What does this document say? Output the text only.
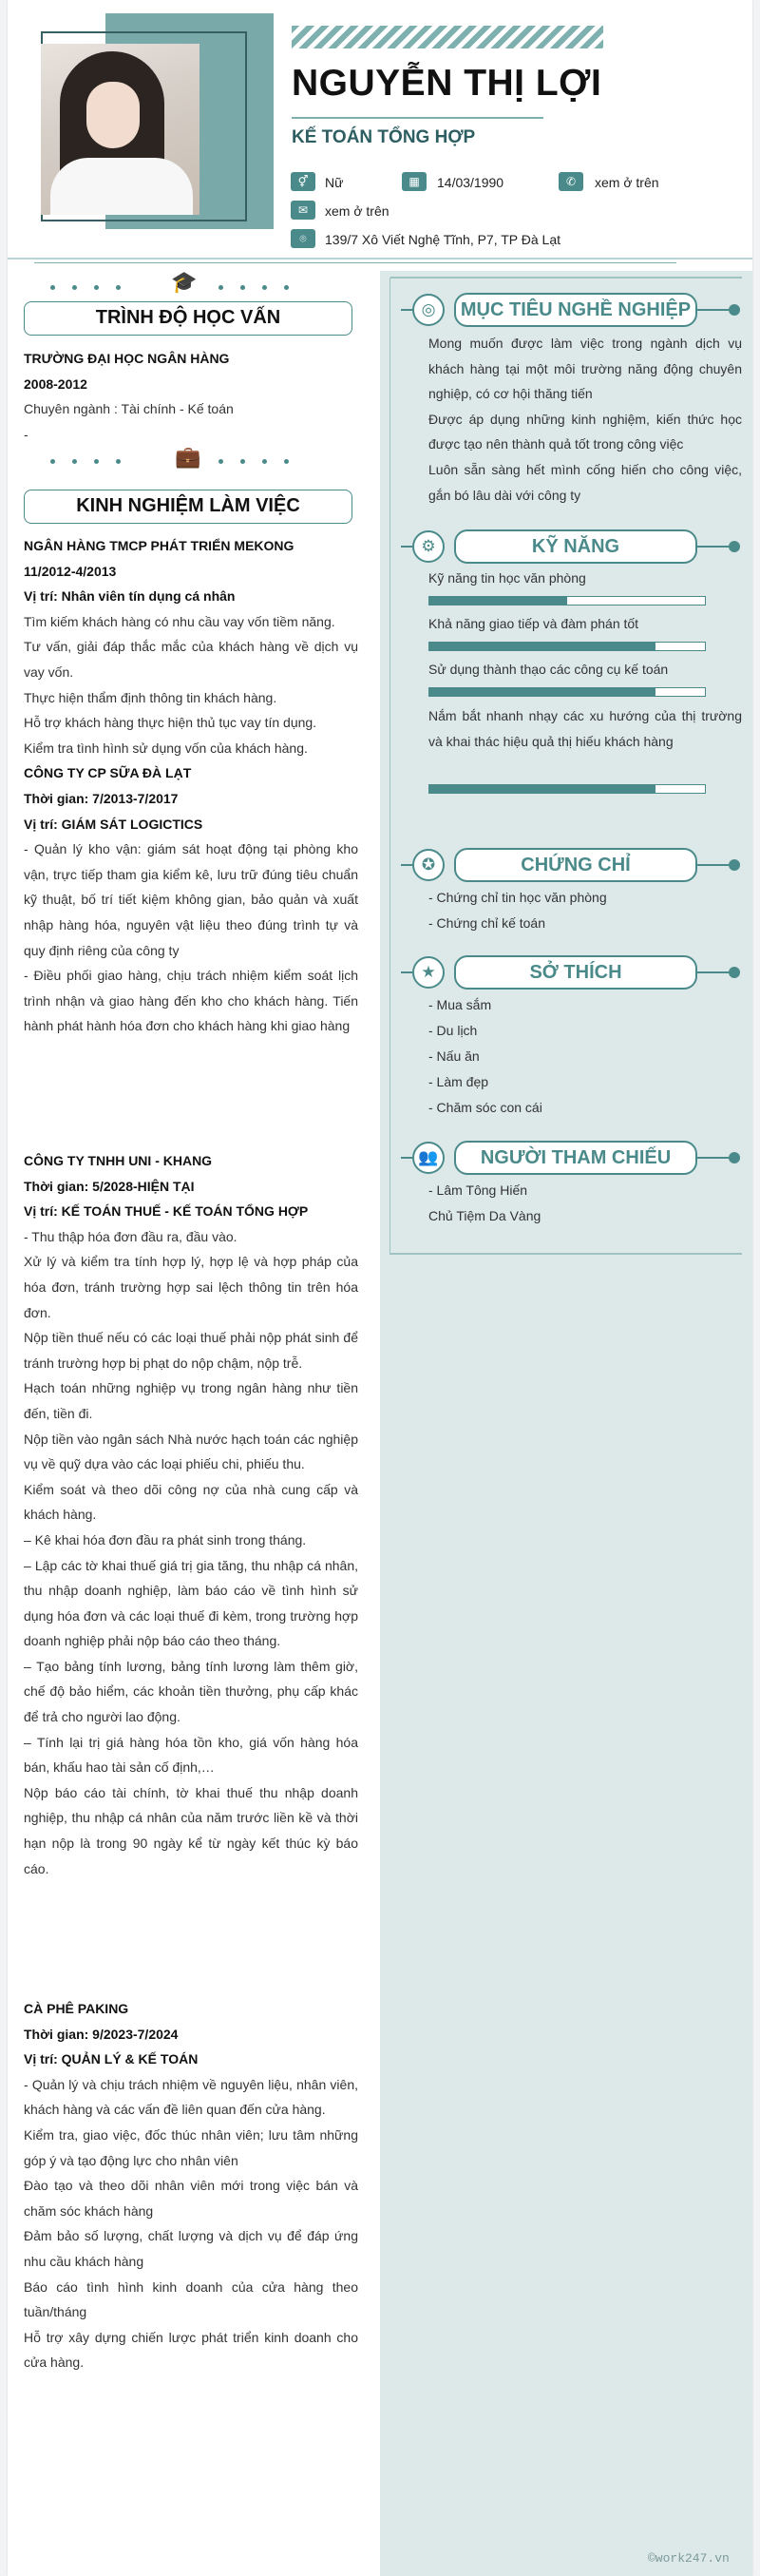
NGUYỄN THỊ LỢI
KẾ TOÁN TỔNG HỢP
⚥	Nữ	▦	14/03/1990	✆	xem ở trên
✉	xem ở trên
⌾	139/7 Xô Viết Nghệ Tĩnh, P7, TP Đà Lạt
🎓
TRÌNH ĐỘ HỌC VẤN
TRƯỜNG ĐẠI HỌC NGÂN HÀNG
2008-2012
Chuyên ngành : Tài chính - Kế toán
-
💼
KINH NGHIỆM LÀM VIỆC

NGÂN HÀNG TMCP PHÁT TRIỂN MEKONG

11/2012-4/2013

Vị trí: Nhân viên tín dụng cá nhân

Tìm kiếm khách hàng có nhu cầu vay vốn tiềm năng.

Tư vấn, giải đáp thắc mắc của khách hàng về dịch vụ vay vốn.

Thực hiện thẩm định thông tin khách hàng.

Hỗ trợ khách hàng thực hiện thủ tục vay tín dụng.

Kiểm tra tình hình sử dụng vốn của khách hàng.

CÔNG TY CP SỮA ĐÀ LẠT

Thời gian: 7/2013-7/2017

Vị trí: GIÁM SÁT LOGICTICS

- Quản lý kho vận: giám sát hoạt động tại phòng kho vận, trực tiếp tham gia kiểm kê, lưu trữ đúng tiêu chuẩn kỹ thuật, bố trí tiết kiệm không gian, bảo quản và xuất nhập hàng hóa, nguyên vật liệu theo đúng trình tự và quy định riêng của công ty

- Điều phối giao hàng, chịu trách nhiệm kiểm soát lịch trình nhận và giao hàng đến kho cho khách hàng. Tiến hành phát hành hóa đơn cho khách hàng khi giao hàng

CÔNG TY TNHH UNI - KHANG

Thời gian: 5/2028-HIỆN TẠI

Vị trí: KẾ TOÁN THUẾ - KẾ TOÁN TỔNG HỢP

- Thu thập hóa đơn đầu ra, đầu vào.

Xử lý và kiểm tra tính hợp lý, hợp lệ và hợp pháp của hóa đơn, tránh trường hợp sai lệch thông tin trên hóa đơn.

Nộp tiền thuế nếu có các loại thuế phải nộp phát sinh để tránh trường hợp bị phạt do nộp chậm, nộp trễ.

Hạch toán những nghiệp vụ trong ngân hàng như tiền đến, tiền đi.

Nộp tiền vào ngân sách Nhà nước hạch toán các nghiệp vụ về quỹ dựa vào các loại phiếu chi, phiếu thu.

Kiểm soát và theo dõi công nợ của nhà cung cấp và khách hàng.

– Kê khai hóa đơn đầu ra phát sinh trong tháng.

– Lập các tờ khai thuế giá trị gia tăng, thu nhập cá nhân, thu nhập doanh nghiệp, làm báo cáo về tình hình sử dụng hóa đơn và các loại thuế đi kèm, trong trường hợp doanh nghiệp phải nộp báo cáo theo tháng.

– Tạo bảng tính lương, bảng tính lương làm thêm giờ, chế độ bảo hiểm, các khoản tiền thưởng, phụ cấp khác để trả cho người lao động.

– Tính lại trị giá hàng hóa tồn kho, giá vốn hàng hóa bán, khấu hao tài sản cố định,…

Nộp báo cáo tài chính, tờ khai thuế thu nhập doanh nghiệp, thu nhập cá nhân của năm trước liền kề và thời hạn nộp là trong 90 ngày kể từ ngày kết thúc kỳ báo cáo.

CÀ PHÊ PAKING

Thời gian: 9/2023-7/2024

Vị trí: QUẢN LÝ & KẾ TOÁN

- Quản lý và chịu trách nhiệm về nguyên liệu, nhân viên, khách hàng và các vấn đề liên quan đến cửa hàng.

Kiểm tra, giao việc, đốc thúc nhân viên; lưu tâm những góp ý và tạo động lực cho nhân viên

Đào tạo và theo dõi nhân viên mới trong việc bán và chăm sóc khách hàng

Đảm bảo số lượng, chất lượng và dịch vụ để đáp ứng nhu cầu khách hàng

Báo cáo tình hình kinh doanh của cửa hàng theo tuần/tháng

Hỗ trợ xây dựng chiến lược phát triển kinh doanh cho cửa hàng.

◎	MỤC TIÊU NGHỀ NGHIỆP

Mong muốn được làm việc trong ngành dịch vụ khách hàng tại một môi trường năng động chuyên nghiệp, có cơ hội thăng tiến

Được áp dụng những kinh nghiệm, kiến thức học được tạo nên thành quả tốt trong công việc

Luôn sẵn sàng hết mình cống hiến cho công việc, gắn bó lâu dài với công ty

⚙	KỸ NĂNG
Kỹ năng tin học văn phòng
Khả năng giao tiếp và đàm phán tốt
Sử dụng thành thạo các công cụ kế toán
Nắm bắt nhanh nhạy các xu hướng của thị trường và khai thác hiệu quả thị hiếu khách hàng
✪	CHỨNG CHỈ
- Chứng chỉ tin học văn phòng
- Chứng chỉ kế toán
★	SỞ THÍCH
- Mua sắm
- Du lịch
- Nấu ăn
- Làm đẹp
- Chăm sóc con cái
👥	NGƯỜI THAM CHIẾU
- Lâm Tông Hiến
Chủ Tiệm Da Vàng
©work247.vn
